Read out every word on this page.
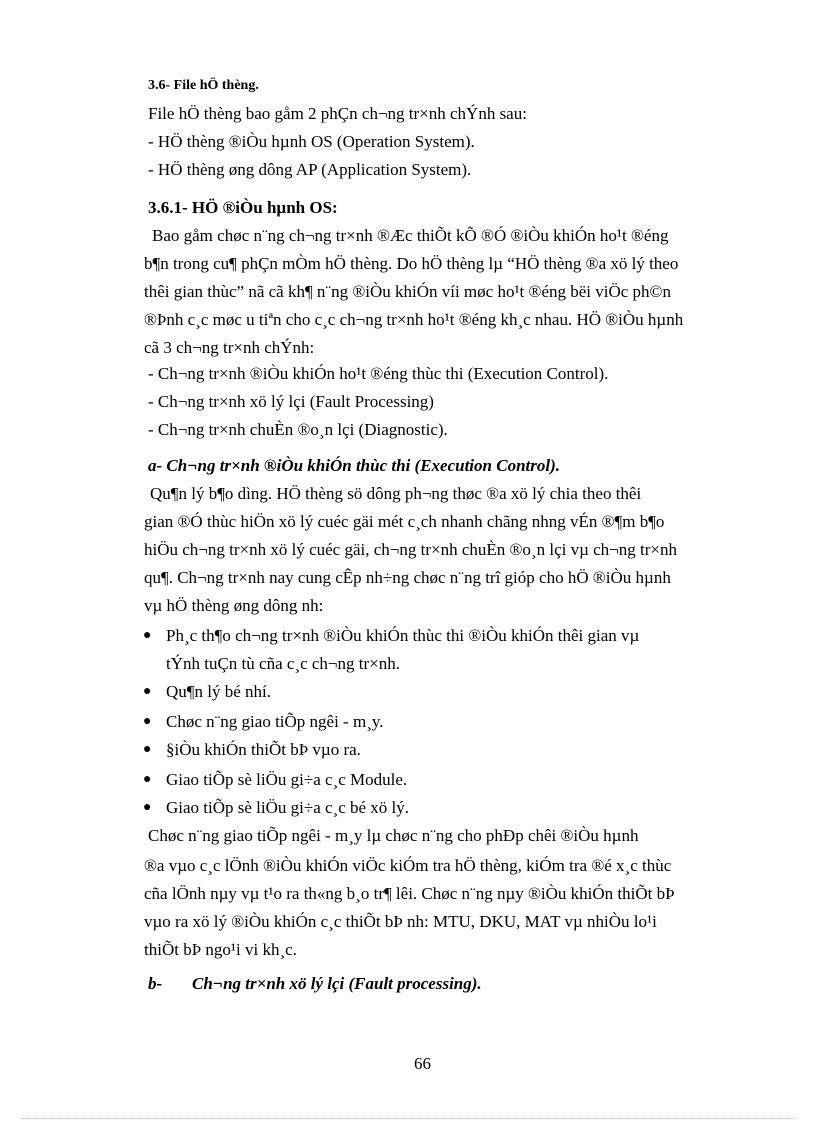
3.6- File hÖ thèng.
File hÖ thèng bao gåm 2 phÇn ch¬ng tr×nh chÝnh sau:
- HÖ thèng ®iÒu hµnh OS (Operation System).
- HÖ thèng øng dông AP (Application System).
3.6.1- HÖ ®iÒu hµnh OS:
Bao gåm chøc n¨ng ch¬ng tr×nh ®Æc thiÕt kÕ ®Ó ®iÒu khiÓn ho¹t ®éng
b¶n trong cu¶ phÇn mÒm hÖ thèng. Do hÖ thèng lµ “HÖ thèng ®a xö lý theo
thêi gian thùc” nã cã kh¶ n¨ng ®iÒu khiÓn víi møc ho¹t ®éng bëi viÖc ph©n
®Þnh c¸c møc u tiªn cho c¸c ch¬ng tr×nh ho¹t ®éng kh¸c nhau. HÖ ®iÒu hµnh
cã 3 ch¬ng tr×nh chÝnh:
- Ch¬ng tr×nh ®iÒu khiÓn ho¹t ®éng thùc thi (Execution Control).
- Ch¬ng tr×nh xö lý lçi (Fault Processing)
- Ch¬ng tr×nh chuÈn ®o¸n lçi (Diagnostic).
a- Ch¬ng tr×nh ®iÒu khiÓn thùc thi (Execution Control).
Qu¶n lý b¶o dìng. HÖ thèng sö dông ph¬ng thøc ®a xö lý chia theo thêi
gian ®Ó thùc hiÖn xö lý cuéc gäi mét c¸ch nhanh chãng nhng vÉn ®¶m b¶o
hiÖu ch¬ng tr×nh xö lý cuéc gäi, ch¬ng tr×nh chuÈn ®o¸n lçi vµ ch¬ng tr×nh
qu¶. Ch¬ng tr×nh nay cung cÊp nh÷ng chøc n¨ng trî gióp cho hÖ ®iÒu hµnh
vµ hÖ thèng øng dông nh:
● Ph¸c th¶o ch¬ng tr×nh ®iÒu khiÓn thùc thi ®iÒu khiÓn thêi gian vµ
tÝnh tuÇn tù cña c¸c ch¬ng tr×nh.
● Qu¶n lý bé nhí.
● Chøc n¨ng giao tiÕp ngêi - m¸y.
● §iÒu khiÓn thiÕt bÞ vµo ra.
● Giao tiÕp sè liÖu gi÷a c¸c Module.
● Giao tiÕp sè liÖu gi÷a c¸c bé xö lý.
Chøc n¨ng giao tiÕp ngêi - m¸y lµ chøc n¨ng cho phÐp chêi ®iÒu hµnh
®a vµo c¸c lÖnh ®iÒu khiÓn viÖc kiÓm tra hÖ thèng, kiÓm tra ®é x¸c thùc
cña lÖnh nµy vµ t¹o ra th«ng b¸o tr¶ lêi. Chøc n¨ng nµy ®iÒu khiÓn thiÕt bÞ
vµo ra xö lý ®iÒu khiÓn c¸c thiÕt bÞ nh: MTU, DKU, MAT vµ nhiÒu lo¹i
thiÕt bÞ ngo¹i vi kh¸c.
b- Ch¬ng tr×nh xö lý lçi (Fault processing).
66
